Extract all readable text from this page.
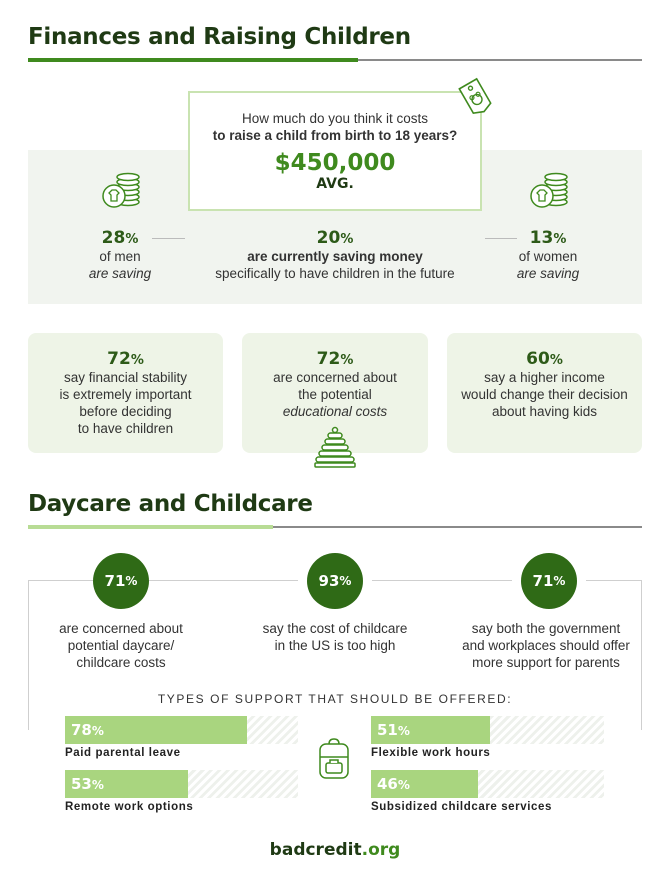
Finances and Raising Children
How much do you think it costs
to raise a child from birth to 18 years?
$450,000
AVG.
28%
of men
are saving
20%
are currently saving money
specifically to have children in the future
13%
of women
are saving
72%
say financial stability
is extremely important
before deciding
to have children
72%
are concerned about
the potential
educational costs
60%
say a higher income
would change their decision
about having kids
Daycare and Childcare
71 %	93 %	71 %
are concerned about
potential daycare/
childcare costs
say the cost of childcare
in the US is too high
say both the government
and workplaces should offer
more support for parents
TYPES OF SUPPORT THAT SHOULD BE OFFERED:
78%
Paid parental leave
51%
Flexible work hours
53%
Remote work options
46%
Subsidized childcare services
badcredit.org
